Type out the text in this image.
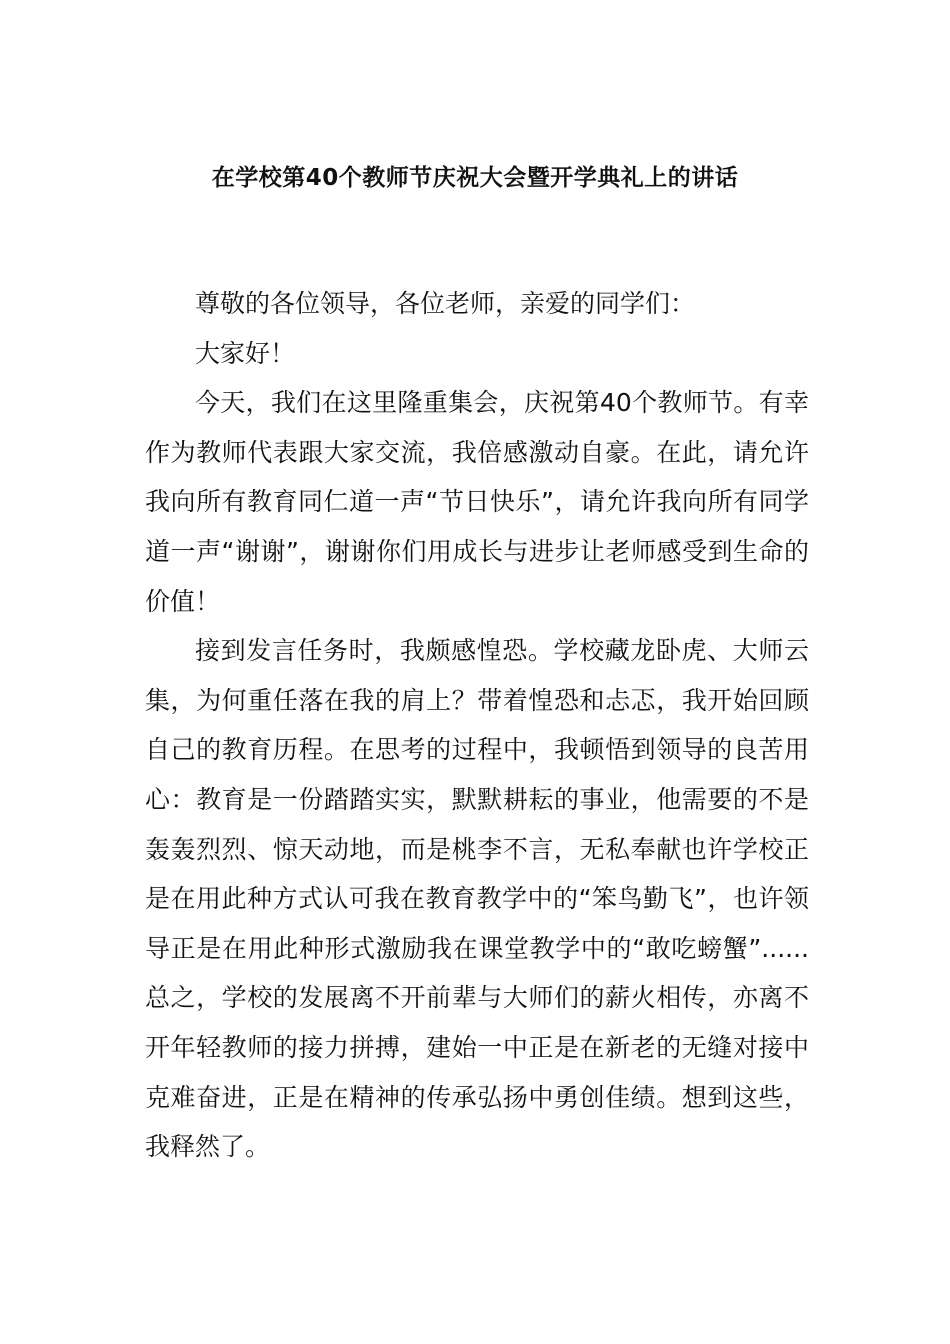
在学校第40个教师节庆祝大会暨开学典礼上的讲话

尊敬的各位领导，各位老师，亲爱的同学们：

大家好！

今天，我们在这里隆重集会，庆祝第40个教师节。有幸作为教师代表跟大家交流，我倍感激动自豪。在此，请允许我向所有教育同仁道一声“节日快乐”，请允许我向所有同学道一声“谢谢”，谢谢你们用成长与进步让老师感受到生命的价值！

接到发言任务时，我颇感惶恐。学校藏龙卧虎、大师云集，为何重任落在我的肩上？带着惶恐和忐忑，我开始回顾自己的教育历程。在思考的过程中，我顿悟到领导的良苦用心：教育是一份踏踏实实，默默耕耘的事业，他需要的不是轰轰烈烈、惊天动地，而是桃李不言，无私奉献也许学校正是在用此种方式认可我在教育教学中的“笨鸟勤飞”，也许领导正是在用此种形式激励我在课堂教学中的“敢吃螃蟹”......总之，学校的发展离不开前辈与大师们的薪火相传，亦离不开年轻教师的接力拼搏，建始一中正是在新老的无缝对接中克难奋进，正是在精神的传承弘扬中勇创佳绩。想到这些，我释然了。
